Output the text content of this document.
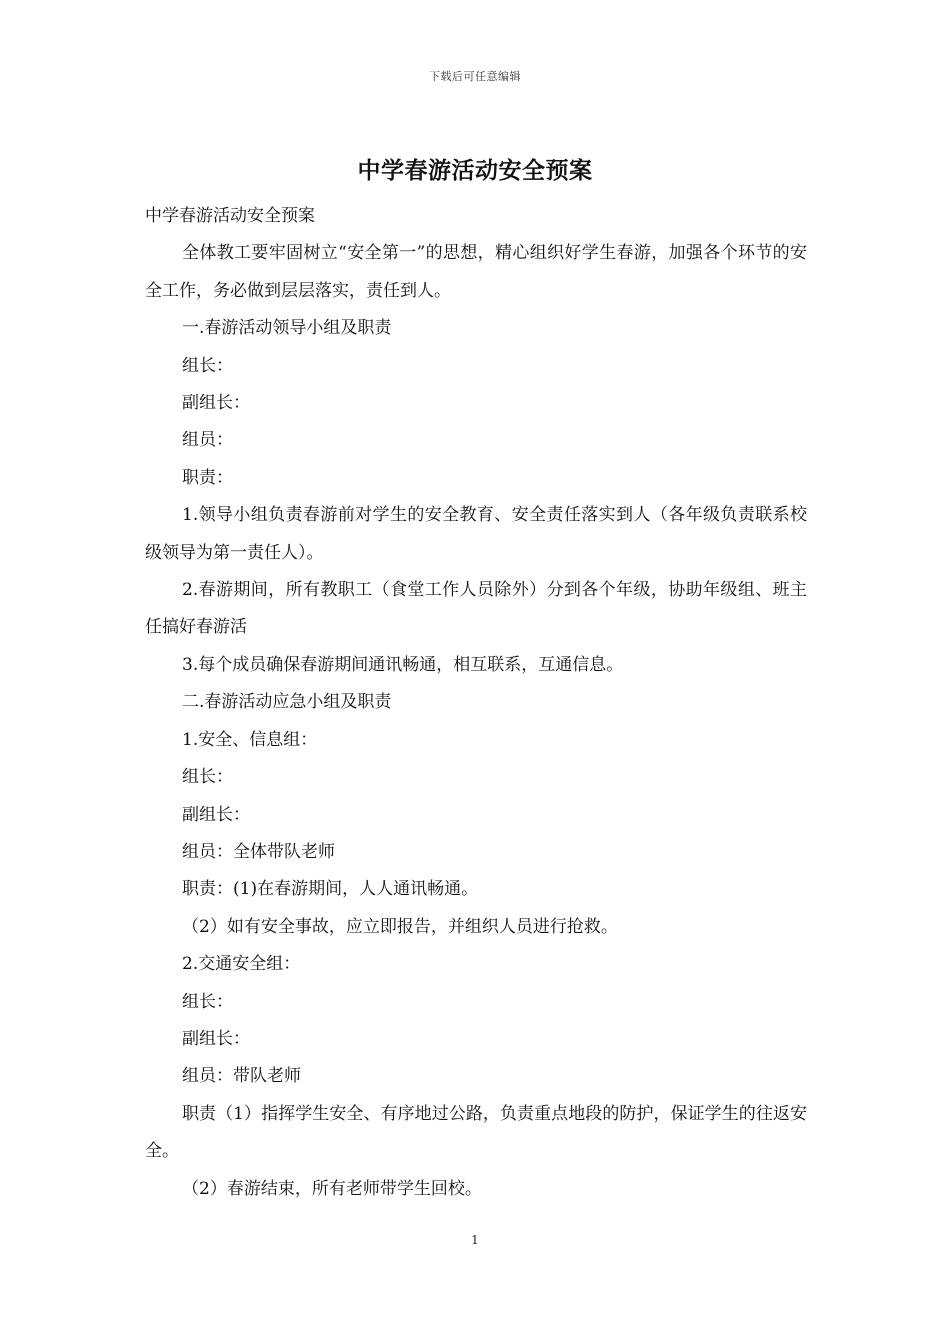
下载后可任意编辑
中学春游活动安全预案

中学春游活动安全预案

全体教工要牢固树立“安全第一”的思想，精心组织好学生春游，加强各个环节的安全工作，务必做到层层落实，责任到人。

一.春游活动领导小组及职责

组长：

副组长：

组员：

职责：

1.领导小组负责春游前对学生的安全教育、安全责任落实到人（各年级负责联系校级领导为第一责任人）。

2.春游期间，所有教职工（食堂工作人员除外）分到各个年级，协助年级组、班主任搞好春游活

3.每个成员确保春游期间通讯畅通，相互联系，互通信息。

二.春游活动应急小组及职责

1.安全、信息组：

组长：

副组长：

组员：全体带队老师

职责：(1)在春游期间，人人通讯畅通。

（2）如有安全事故，应立即报告，并组织人员进行抢救。

2.交通安全组：

组长：

副组长：

组员：带队老师

职责（1）指挥学生安全、有序地过公路，负责重点地段的防护，保证学生的往返安全。

（2）春游结束，所有老师带学生回校。

1
